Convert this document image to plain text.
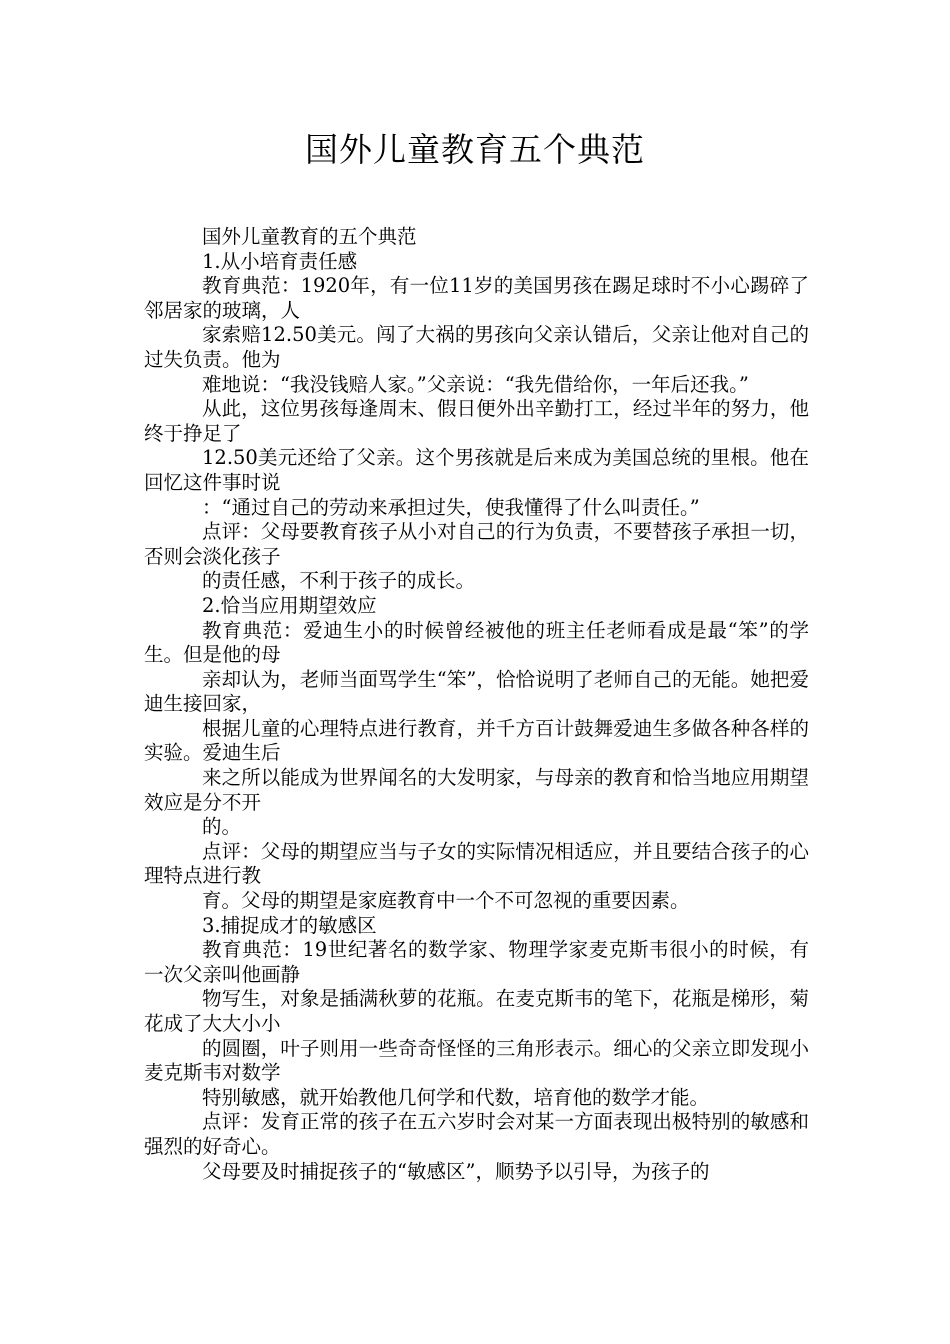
国外儿童教育五个典范

国外儿童教育的五个典范

1.从小培育责任感

教育典范：1920年，有一位11岁的美国男孩在踢足球时不小心踢碎了邻居家的玻璃，人

家索赔12.50美元。闯了大祸的男孩向父亲认错后，父亲让他对自己的过失负责。他为

难地说：“我没钱赔人家。”父亲说：“我先借给你，一年后还我。”

从此，这位男孩每逢周末、假日便外出辛勤打工，经过半年的努力，他终于挣足了

12.50美元还给了父亲。这个男孩就是后来成为美国总统的里根。他在回忆这件事时说

：“通过自己的劳动来承担过失，使我懂得了什么叫责任。”

点评：父母要教育孩子从小对自己的行为负责，不要替孩子承担一切，否则会淡化孩子

的责任感，不利于孩子的成长。

2.恰当应用期望效应

教育典范：爱迪生小的时候曾经被他的班主任老师看成是最“笨”的学生。但是他的母

亲却认为，老师当面骂学生“笨”，恰恰说明了老师自己的无能。她把爱迪生接回家，

根据儿童的心理特点进行教育，并千方百计鼓舞爱迪生多做各种各样的实验。爱迪生后

来之所以能成为世界闻名的大发明家，与母亲的教育和恰当地应用期望效应是分不开

的。

点评：父母的期望应当与子女的实际情况相适应，并且要结合孩子的心理特点进行教

育。父母的期望是家庭教育中一个不可忽视的重要因素。

3.捕捉成才的敏感区

教育典范：19世纪著名的数学家、物理学家麦克斯韦很小的时候，有一次父亲叫他画静

物写生，对象是插满秋萝的花瓶。在麦克斯韦的笔下，花瓶是梯形，菊花成了大大小小

的圆圈，叶子则用一些奇奇怪怪的三角形表示。细心的父亲立即发现小麦克斯韦对数学

特别敏感，就开始教他几何学和代数，培育他的数学才能。

点评：发育正常的孩子在五六岁时会对某一方面表现出极特别的敏感和强烈的好奇心。

父母要及时捕捉孩子的“敏感区”，顺势予以引导，为孩子的
